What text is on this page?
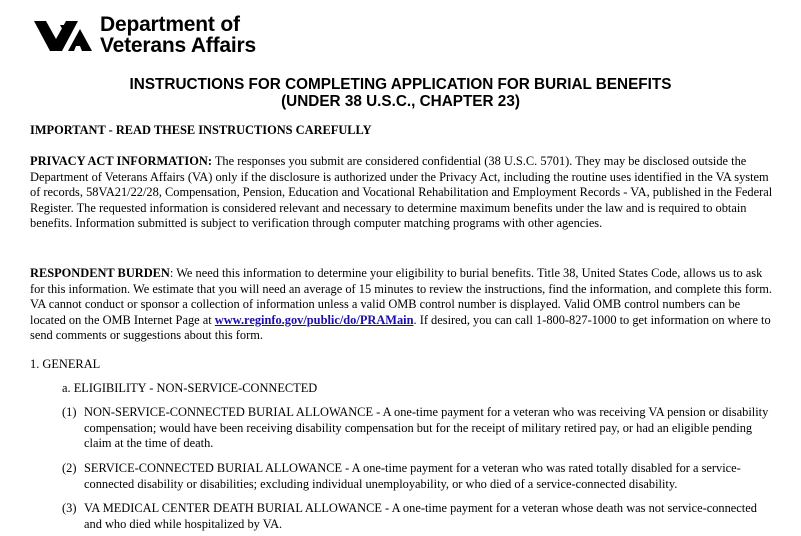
Department of
Veterans Affairs
INSTRUCTIONS FOR COMPLETING APPLICATION FOR BURIAL BENEFITS
(UNDER 38 U.S.C., CHAPTER 23)
IMPORTANT - READ THESE INSTRUCTIONS CAREFULLY
PRIVACY ACT INFORMATION: The responses you submit are considered confidential (38 U.S.C. 5701). They may be disclosed outside the Department of Veterans Affairs (VA) only if the disclosure is authorized under the Privacy Act, including the routine uses identified in the VA system of records, 58VA21/22/28, Compensation, Pension, Education and Vocational Rehabilitation and Employment Records - VA, published in the Federal Register. The requested information is considered relevant and necessary to determine maximum benefits under the law and is required to obtain benefits. Information submitted is subject to verification through computer matching programs with other agencies.
RESPONDENT BURDEN: We need this information to determine your eligibility to burial benefits. Title 38, United States Code, allows us to ask for this information. We estimate that you will need an average of 15 minutes to review the instructions, find the information, and complete this form. VA cannot conduct or sponsor a collection of information unless a valid OMB control number is displayed. Valid OMB control numbers can be located on the OMB Internet Page at www.reginfo.gov/public/do/PRAMain. If desired, you can call 1-800-827-1000 to get information on where to send comments or suggestions about this form.
1. GENERAL
a. ELIGIBILITY - NON-SERVICE-CONNECTED
(1) NON-SERVICE-CONNECTED BURIAL ALLOWANCE - A one-time payment for a veteran who was receiving VA pension or disability compensation; would have been receiving disability compensation but for the receipt of military retired pay, or had an eligible pending claim at the time of death.
(2) SERVICE-CONNECTED BURIAL ALLOWANCE - A one-time payment for a veteran who was rated totally disabled for a service-connected disability or disabilities; excluding individual unemployability, or who died of a service-connected disability.
(3) VA MEDICAL CENTER DEATH BURIAL ALLOWANCE - A one-time payment for a veteran whose death was not service-connected and who died while hospitalized by VA.
